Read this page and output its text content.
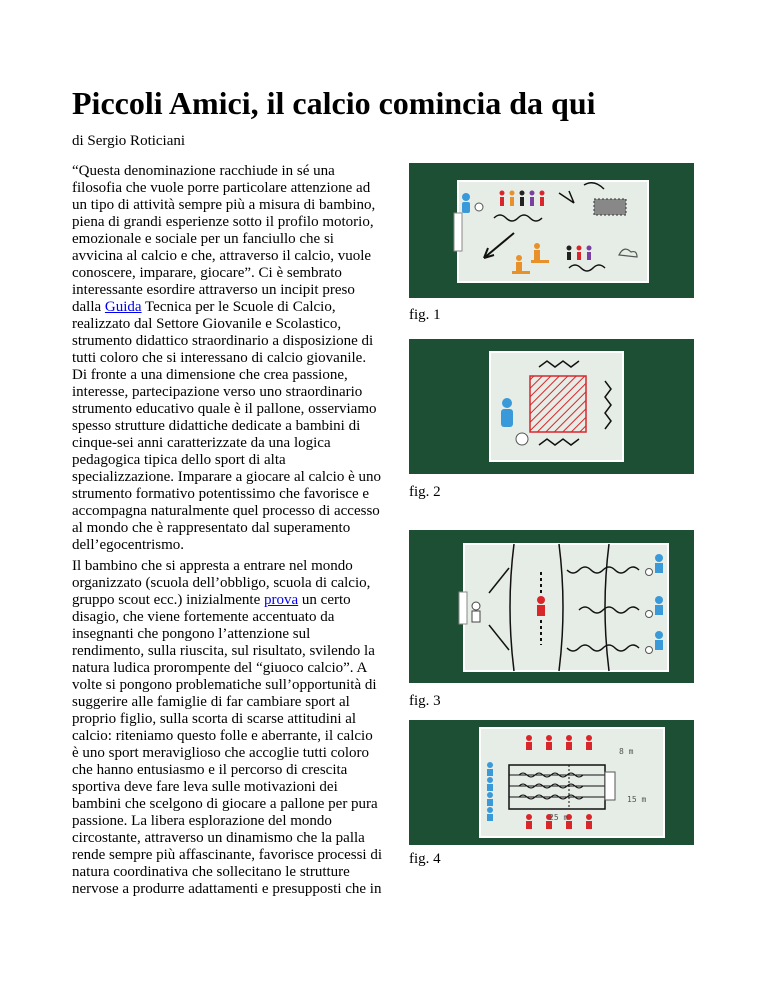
Piccoli Amici, il calcio comincia da qui

di Sergio Roticiani

“Questa denominazione racchiude in sé una
filosofia che vuole porre particolare attenzione ad
un tipo di attività sempre più a misura di bambino,
piena di grandi esperienze sotto il profilo motorio,
emozionale e sociale per un fanciullo che si
avvicina al calcio e che, attraverso il calcio, vuole
conoscere, imparare, giocare”. Ci è sembrato
interessante esordire attraverso un incipit preso
dalla Guida Tecnica per le Scuole di Calcio,
realizzato dal Settore Giovanile e Scolastico,
strumento didattico straordinario a disposizione di
tutti coloro che si interessano di calcio giovanile.
Di fronte a una dimensione che crea passione,
interesse, partecipazione verso uno straordinario
strumento educativo quale è il pallone, osserviamo
spesso strutture didattiche dedicate a bambini di
cinque-sei anni caratterizzate da una logica
pedagogica tipica dello sport di alta
specializzazione. Imparare a giocare al calcio è uno
strumento formativo potentissimo che favorisce e
accompagna naturalmente quel processo di accesso
al mondo che è rappresentato dal superamento
dell’egocentrismo.
Il bambino che si appresta a entrare nel mondo
organizzato (scuola dell’obbligo, scuola di calcio,
gruppo scout ecc.) inizialmente prova un certo
disagio, che viene fortemente accentuato da
insegnanti che pongono l’attenzione sul
rendimento, sulla riuscita, sul risultato, svilendo la
natura ludica prorompente del “giuoco calcio”. A
volte si pongono problematiche sull’opportunità di
suggerire alle famiglie di far cambiare sport al
proprio figlio, sulla scorta di scarse attitudini al
calcio: riteniamo questo folle e aberrante, il calcio
è uno sport meraviglioso che accoglie tutti coloro
che hanno entusiasmo e il percorso di crescita
sportiva deve fare leva sulle motivazioni dei
bambini che scelgono di giocare a pallone per pura
passione. La libera esplorazione del mondo
circostante, attraverso un dinamismo che la palla
rende sempre più affascinante, favorisce processi di
natura coordinativa che sollecitano le strutture
nervose a produrre adattamenti e presupposti che in

fig. 1

fig. 2

fig. 3

8 m
15 m
25 m

fig. 4
